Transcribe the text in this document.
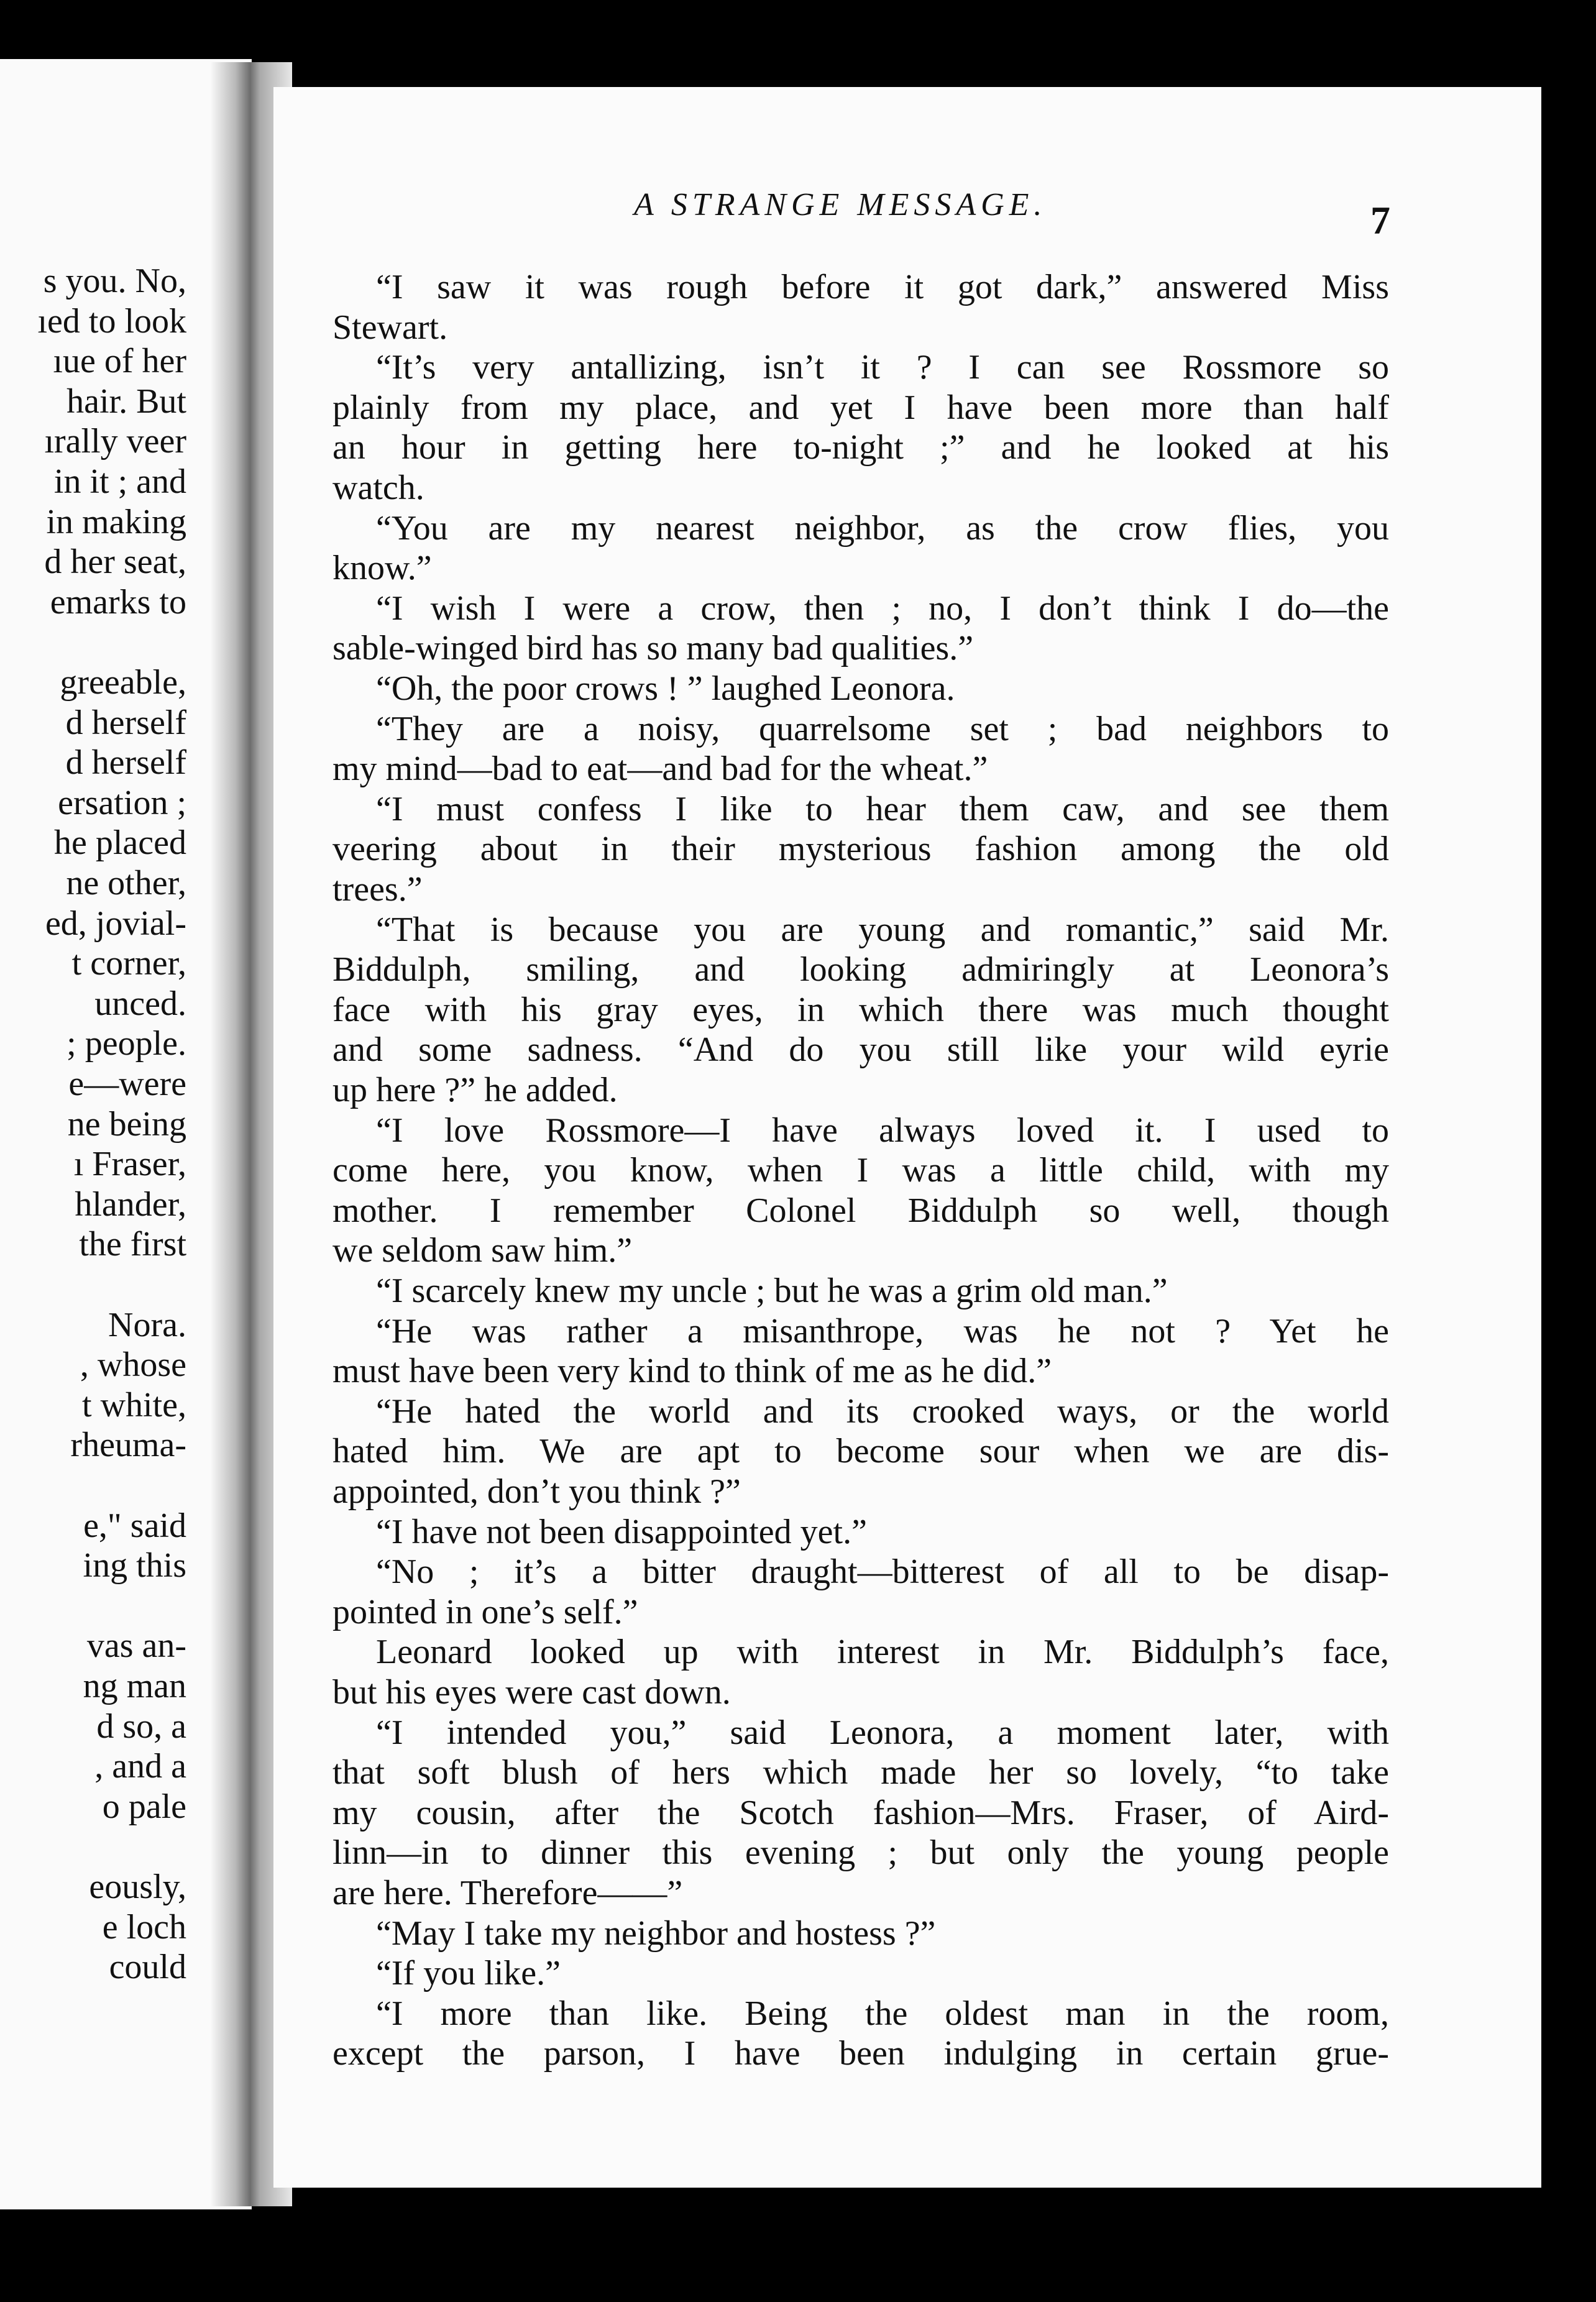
s you. No,
ıed to look
ıue of her
hair. But
ırally veer
in it ; and
in making
d her seat,
emarks to
greeable,
d herself
d herself
ersation ;
he placed
ne other,
ed, jovial-
t corner,
unced.
; people.
e—were
ne being
ı Fraser,
hlander,
the first
Nora.
, whose
t white,
rheuma-
e," said
ing this
vas an-
ng man
d so, a
, and a
o pale
eously,
e loch
could
A STRANGE MESSAGE.	7
“I saw it was rough before it got dark,” answered Miss
Stewart.
“It’s very antallizing, isn’t it ? I can see Rossmore so
plainly from my place, and yet I have been more than half
an hour in getting here to-night ;” and he looked at his
watch.
“You are my nearest neighbor, as the crow flies, you
know.”
“I wish I were a crow, then ; no, I don’t think I do—the
sable-winged bird has so many bad qualities.”
“Oh, the poor crows ! ” laughed Leonora.
“They are a noisy, quarrelsome set ; bad neighbors to
my mind—bad to eat—and bad for the wheat.”
“I must confess I like to hear them caw, and see them
veering about in their mysterious fashion among the old
trees.”
“That is because you are young and romantic,” said Mr.
Biddulph, smiling, and looking admiringly at Leonora’s
face with his gray eyes, in which there was much thought
and some sadness. “And do you still like your wild eyrie
up here ?” he added.
“I love Rossmore—I have always loved it. I used to
come here, you know, when I was a little child, with my
mother. I remember Colonel Biddulph so well, though
we seldom saw him.”
“I scarcely knew my uncle ; but he was a grim old man.”
“He was rather a misanthrope, was he not ? Yet he
must have been very kind to think of me as he did.”
“He hated the world and its crooked ways, or the world
hated him. We are apt to become sour when we are dis-
appointed, don’t you think ?”
“I have not been disappointed yet.”
“No ; it’s a bitter draught—bitterest of all to be disap-
pointed in one’s self.”
Leonard looked up with interest in Mr. Biddulph’s face,
but his eyes were cast down.
“I intended you,” said Leonora, a moment later, with
that soft blush of hers which made her so lovely, “to take
my cousin, after the Scotch fashion—Mrs. Fraser, of Aird-
linn—in to dinner this evening ; but only the young people
are here. Therefore——”
“May I take my neighbor and hostess ?”
“If you like.”
“I more than like. Being the oldest man in the room,
except the parson, I have been indulging in certain grue-
